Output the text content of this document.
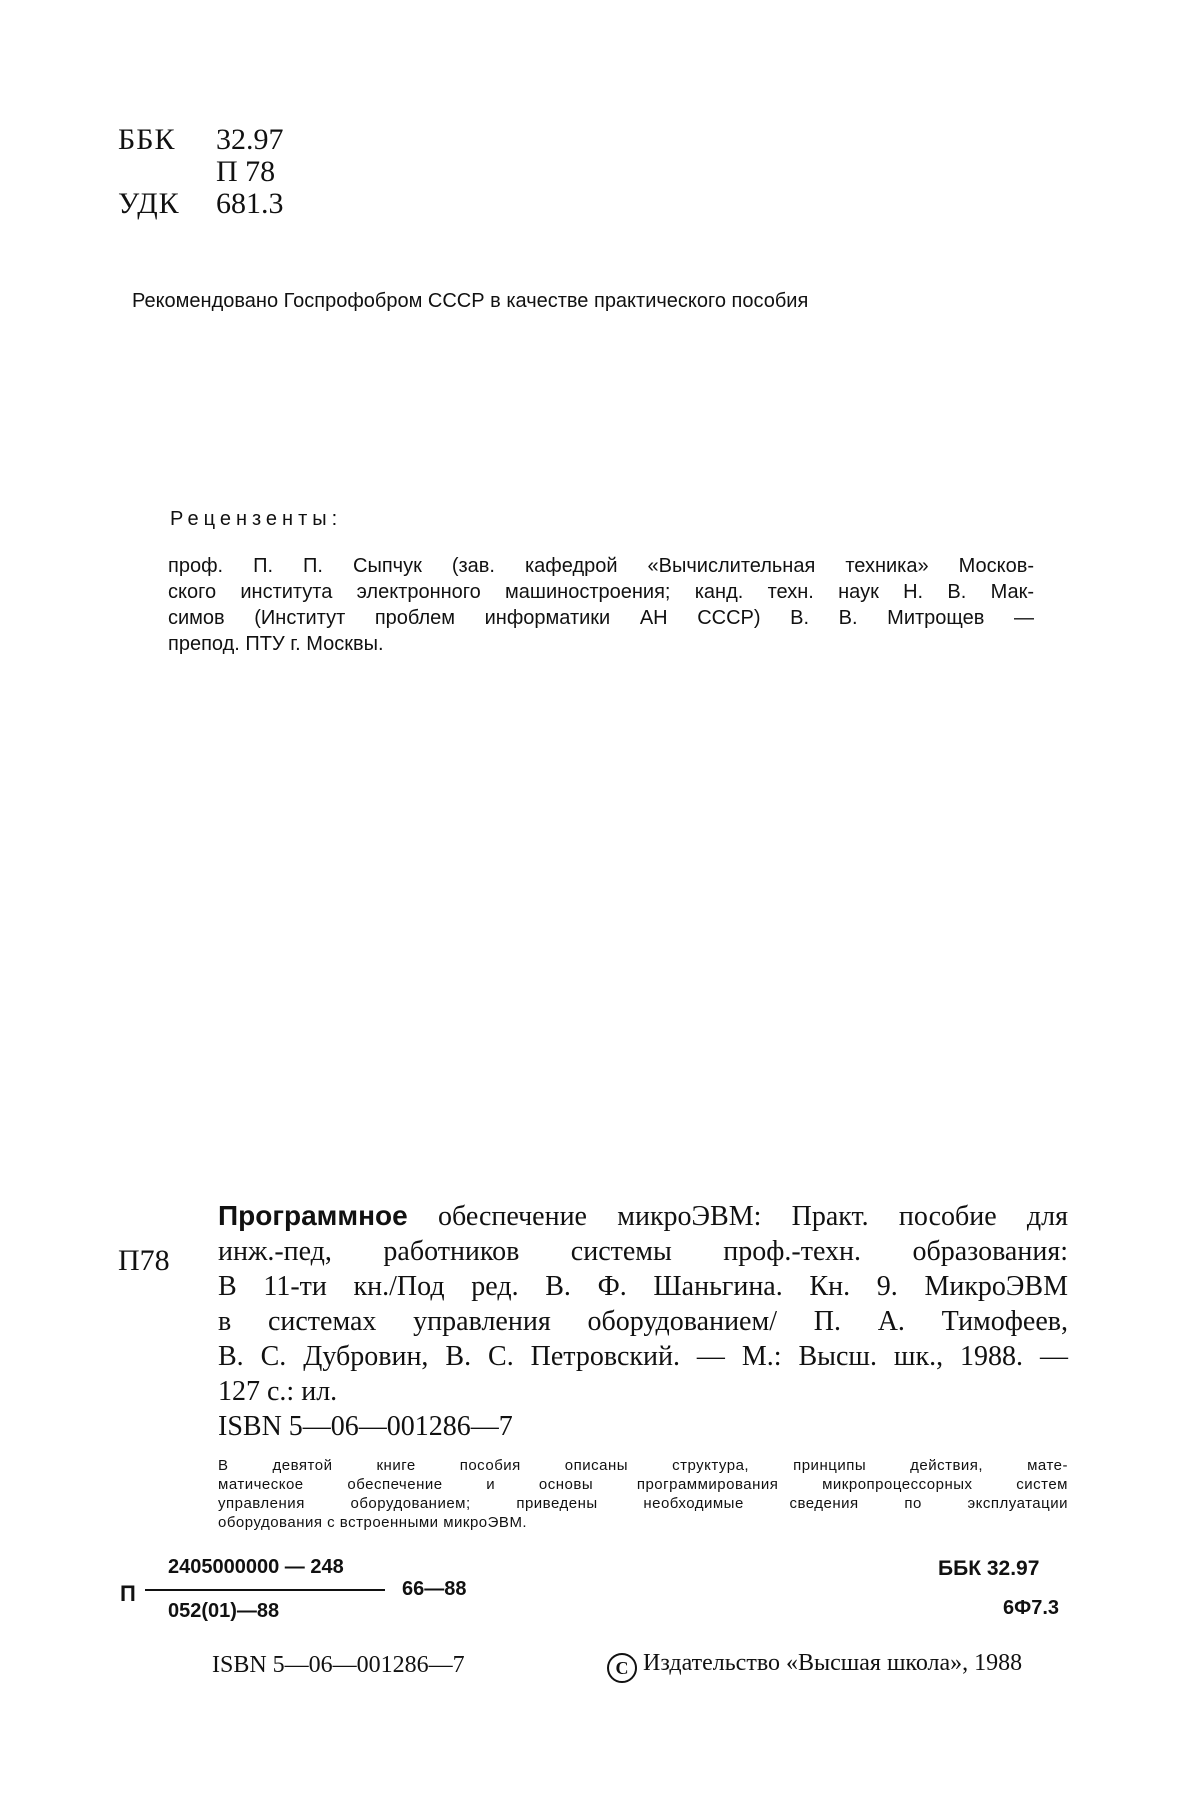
ББК 32.97
П 78
УДК 681.3
Рекомендовано Госпрофобром СССР в качестве практического пособия
Рецензенты:
проф. П. П. Сыпчук (зав. кафедрой «Вычислительная техника» Москов-
ского института электронного машиностроения; канд. техн. наук Н. В. Мак-
симов (Институт проблем информатики АН СССР) В. В. Митрощев —
препод. ПТУ г. Москвы.
П78
Программное обеспечение микроЭВМ: Практ. пособие для
инж.-пед, работников системы проф.-техн. образования:
В 11-ти кн./Под ред. В. Ф. Шаньгина. Кн. 9. МикроЭВМ
в системах управления оборудованием/ П. А. Тимофеев,
В. С. Дубровин, В. С. Петровский. — М.: Высш. шк., 1988. —
127 с.: ил.
ISBN 5—06—001286—7
В девятой книге пособия описаны структура, принципы действия, мате-
матическое обеспечение и основы программирования микропроцессорных систем
управления оборудованием; приведены необходимые сведения по эксплуатации
оборудования с встроенными микроЭВМ.
П
2405000000 — 248
052(01)—88
66—88
ББК 32.97
6Ф7.3
ISBN 5—06—001286—7	C Издательство «Высшая школа», 1988
